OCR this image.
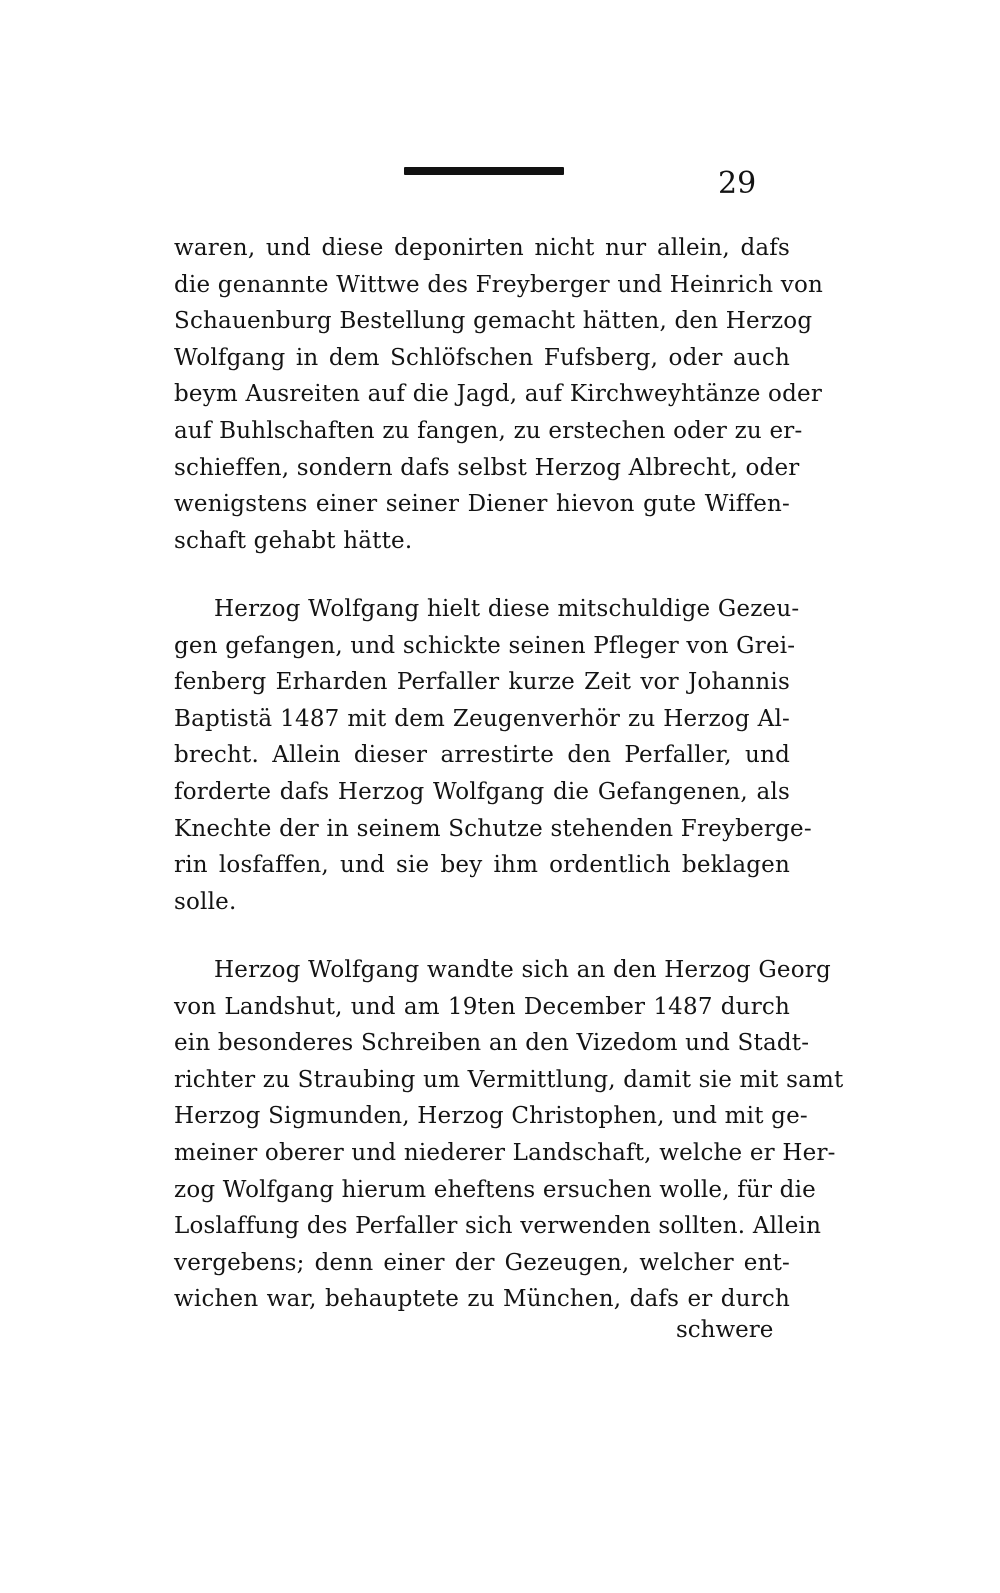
29
waren, und diese deponirten nicht nur allein, dafs
die genannte Wittwe des Freyberger und Heinrich von
Schauenburg Bestellung gemacht hätten, den Herzog
Wolfgang in dem Schlöfschen Fufsberg, oder auch
beym Ausreiten auf die Jagd, auf Kirchweyhtänze oder
auf Buhlschaften zu fangen, zu erstechen oder zu er-
schieffen, sondern dafs selbst Herzog Albrecht, oder
wenigstens einer seiner Diener hievon gute Wiffen-
schaft gehabt hätte.
Herzog Wolfgang hielt diese mitschuldige Gezeu-
gen gefangen, und schickte seinen Pfleger von Grei-
fenberg Erharden Perfaller kurze Zeit vor Johannis
Baptistä 1487 mit dem Zeugenverhör zu Herzog Al-
brecht. Allein dieser arrestirte den Perfaller, und
forderte dafs Herzog Wolfgang die Gefangenen, als
Knechte der in seinem Schutze stehenden Freyberge-
rin losfaffen, und sie bey ihm ordentlich beklagen
solle.
Herzog Wolfgang wandte sich an den Herzog Georg
von Landshut, und am 19ten December 1487 durch
ein besonderes Schreiben an den Vizedom und Stadt-
richter zu Straubing um Vermittlung, damit sie mit samt
Herzog Sigmunden, Herzog Christophen, und mit ge-
meiner oberer und niederer Landschaft, welche er Her-
zog Wolfgang hierum eheftens ersuchen wolle, für die
Loslaffung des Perfaller sich verwenden sollten. Allein
vergebens; denn einer der Gezeugen, welcher ent-
wichen war, behauptete zu München, dafs er durch
schwere
